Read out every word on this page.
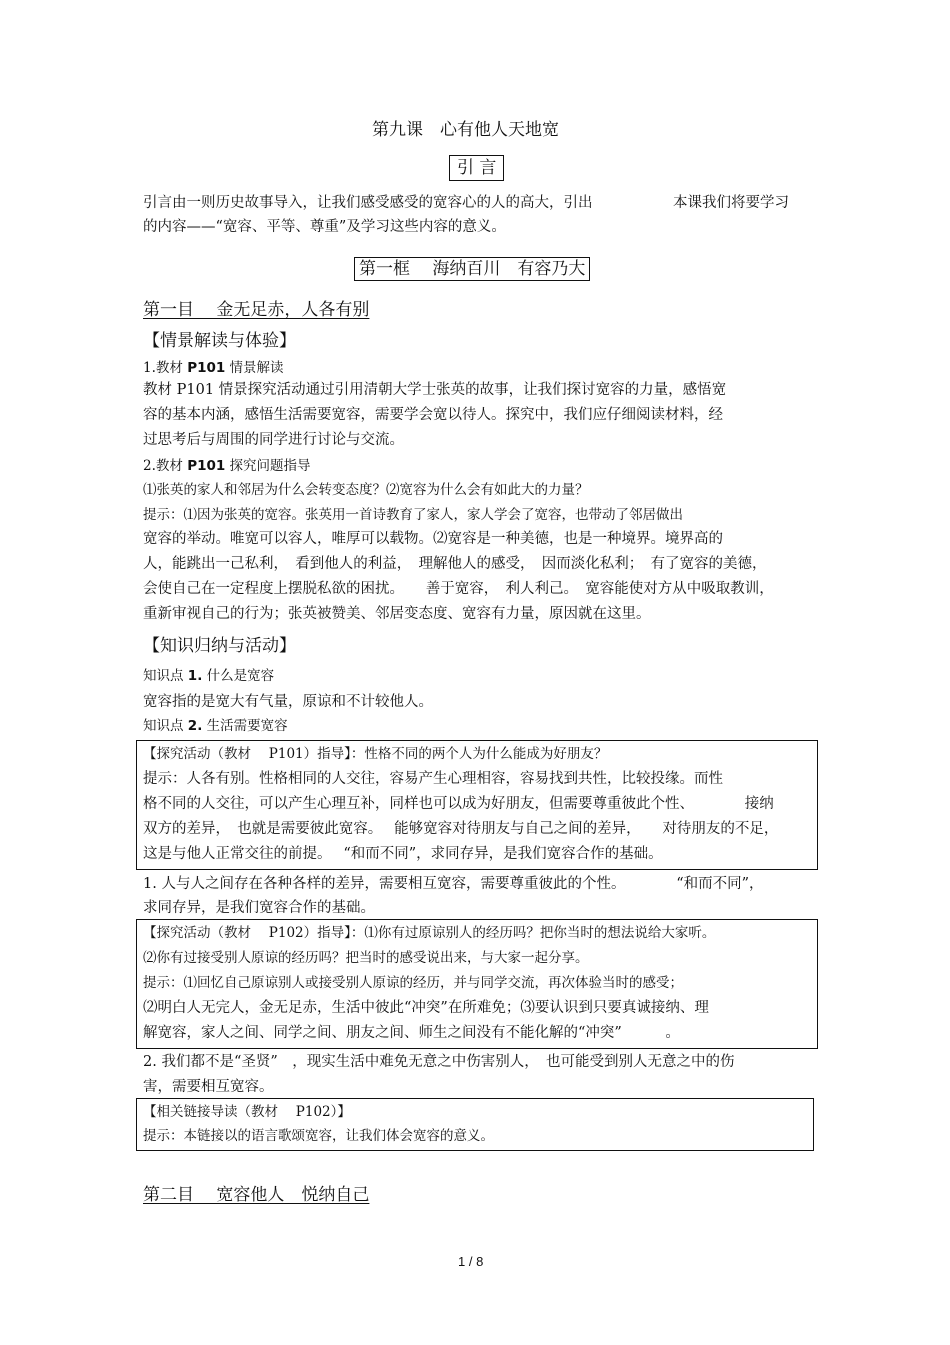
第九课　心有他人天地宽
引 言
引言由一则历史故事导入，让我们感受感受的宽容心的人的高大，引出	本课我们将要学习
的内容——“宽容、平等、尊重”及学习这些内容的意义。
第一框　 海纳百川　有容乃大
第一目　 金无足赤，人各有别
【情景解读与体验】
1.教材 P101 情景解读
教材 P101 情景探究活动通过引用清朝大学士张英的故事，让我们探讨宽容的力量，感悟宽
容的基本内涵，感悟生活需要宽容，需要学会宽以待人。探究中，我们应仔细阅读材料，经
过思考后与周围的同学进行讨论与交流。
2.教材 P101 探究问题指导
⑴张英的家人和邻居为什么会转变态度？⑵宽容为什么会有如此大的力量？
提示：⑴因为张英的宽容。张英用一首诗教育了家人，家人学会了宽容，也带动了邻居做出
宽容的举动。唯宽可以容人，唯厚可以载物。⑵宽容是一种美德，也是一种境界。境界高的
人，能跳出一己私利，　看到他人的利益，　理解他人的感受，　因而淡化私利；　有了宽容的美德，
会使自己在一定程度上摆脱私欲的困扰。　　善于宽容，　利人利己。　宽容能使对方从中吸取教训，
重新审视自己的行为；张英被赞美、邻居变态度、宽容有力量，原因就在这里。
【知识归纳与活动】
知识点 1. 什么是宽容
宽容指的是宽大有气量，原谅和不计较他人。
知识点 2. 生活需要宽容
【探究活动（教材　 P101）指导】：性格不同的两个人为什么能成为好朋友？
提示：人各有别。性格相同的人交往，容易产生心理相容，容易找到共性，比较投缘。而性
格不同的人交往，可以产生心理互补，同样也可以成为好朋友，但需要尊重彼此个性、　　　　接纳
双方的差异，　也就是需要彼此宽容。　 能够宽容对待朋友与自己之间的差异，　　对待朋友的不足，
这是与他人正常交往的前提。　 “和而不同”，求同存异，是我们宽容合作的基础。
1. 人与人之间存在各种各样的差异，需要相互宽容，需要尊重彼此的个性。　　　　“和而不同”，
求同存异，是我们宽容合作的基础。
【探究活动（教材　 P102）指导】：⑴你有过原谅别人的经历吗？把你当时的想法说给大家听。
⑵你有过接受别人原谅的经历吗？把当时的感受说出来，与大家一起分享。
提示：⑴回忆自己原谅别人或接受别人原谅的经历，并与同学交流，再次体验当时的感受；
⑵明白人无完人，金无足赤，生活中彼此“冲突”在所难免；⑶要认识到只要真诚接纳、理
解宽容，家人之间、同学之间、朋友之间、师生之间没有不能化解的“冲突”　　　。
2. 我们都不是“圣贤”　，现实生活中难免无意之中伤害别人，　也可能受到别人无意之中的伤
害，需要相互宽容。
【相关链接导读（教材　 P102）】
提示：本链接以的语言歌颂宽容，让我们体会宽容的意义。
第二目　 宽容他人　悦纳自己
1 / 8
